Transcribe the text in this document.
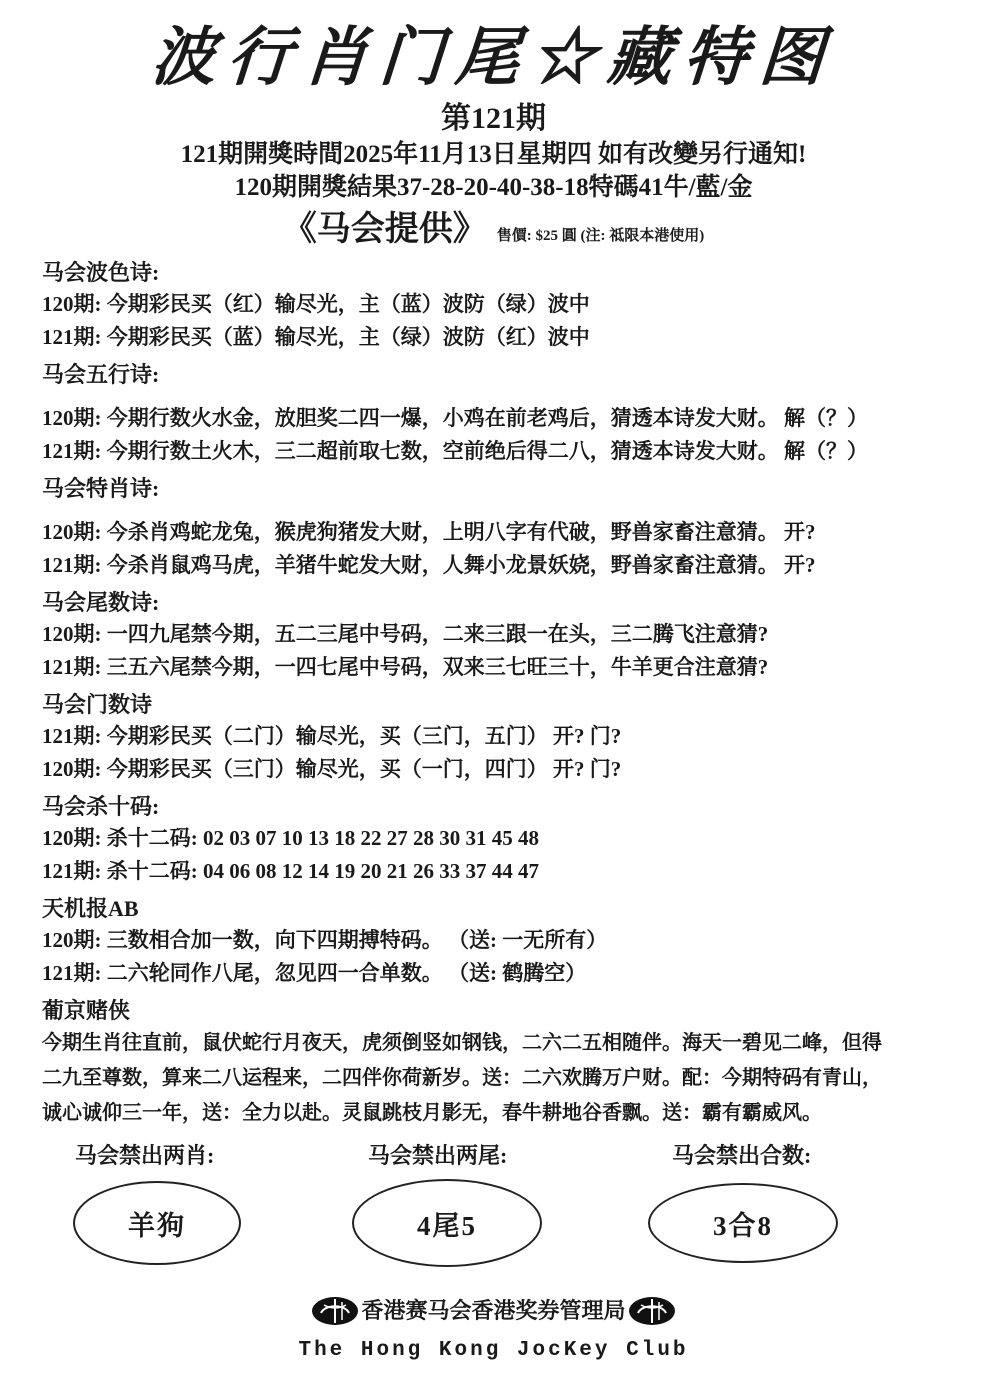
波行肖门尾☆藏特图
第121期
121期開獎時間2025年11月13日星期四 如有改變另行通知!
120期開獎結果37-28-20-40-38-18特碼41牛/藍/金
《马会提供》 售價: $25 圓 (注: 祗限本港使用)
马会波色诗:
120期: 今期彩民买（红）输尽光，主（蓝）波防（绿）波中
121期: 今期彩民买（蓝）输尽光，主（绿）波防（红）波中
马会五行诗:
120期: 今期行数火水金，放胆奖二四一爆，小鸡在前老鸡后，猜透本诗发大财。 解（？）
121期: 今期行数土火木，三二超前取七数，空前绝后得二八，猜透本诗发大财。 解（？）
马会特肖诗:
120期: 今杀肖鸡蛇龙兔，猴虎狗猪发大财，上明八字有代破，野兽家畜注意猜。 开?
121期: 今杀肖鼠鸡马虎，羊猪牛蛇发大财，人舞小龙景妖娆，野兽家畜注意猜。 开?
马会尾数诗:
120期: 一四九尾禁今期，五二三尾中号码，二来三跟一在头，三二腾飞注意猜?
121期: 三五六尾禁今期，一四七尾中号码，双来三七旺三十，牛羊更合注意猜?
马会门数诗
121期: 今期彩民买（二门）输尽光，买（三门，五门） 开? 门?
120期: 今期彩民买（三门）输尽光，买（一门，四门） 开? 门?
马会杀十码:
120期: 杀十二码: 02 03 07 10 13 18 22 27 28 30 31 45 48
121期: 杀十二码: 04 06 08 12 14 19 20 21 26 33 37 44 47
天机报AB
120期: 三数相合加一数，向下四期搏特码。 （送: 一无所有）
121期: 二六轮同作八尾，忽见四一合单数。 （送: 鹤腾空）
葡京赌侠
今期生肖往直前，鼠伏蛇行月夜天，虎须倒竖如钢钱，二六二五相随伴。海天一碧见二峰，但得
二九至尊数，算来二八运程来，二四伴你荷新岁。送：二六欢腾万户财。配：今期特码有青山，
诚心诚仰三一年，送：全力以赴。灵鼠跳枝月影无，春牛耕地谷香飘。送：霸有霸威风。
马会禁出两肖:	马会禁出两尾:	马会禁出合数:
羊狗	4尾5	3合8
香港赛马会香港奖券管理局
The Hong Kong JocKey Club
